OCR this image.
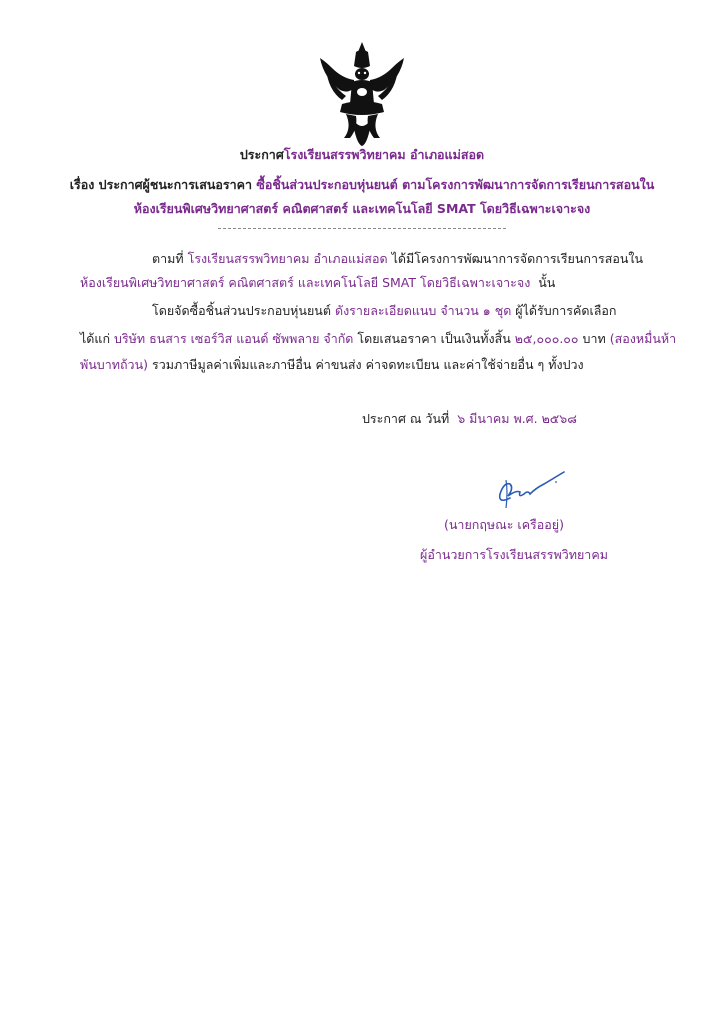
ประกาศโรงเรียนสรรพวิทยาคม อำเภอแม่สอด
เรื่อง ประกาศผู้ชนะการเสนอราคา ซื้อชิ้นส่วนประกอบหุ่นยนต์ ตามโครงการพัฒนาการจัดการเรียนการสอนใน
ห้องเรียนพิเศษวิทยาศาสตร์ คณิตศาสตร์ และเทคโนโลยี SMAT โดยวิธีเฉพาะเจาะจง
ตามที่ โรงเรียนสรรพวิทยาคม อำเภอแม่สอด ได้มีโครงการพัฒนาการจัดการเรียนการสอนใน
ห้องเรียนพิเศษวิทยาศาสตร์ คณิตศาสตร์ และเทคโนโลยี SMAT โดยวิธีเฉพาะเจาะจง นั้น
โดยจัดซื้อชิ้นส่วนประกอบหุ่นยนต์ ดังรายละเอียดแนบ จำนวน ๑ ชุด ผู้ได้รับการคัดเลือก
ได้แก่ บริษัท ธนสาร เซอร์วิส แอนด์ ซัพพลาย จำกัด โดยเสนอราคา เป็นเงินทั้งสิ้น ๒๕,๐๐๐.๐๐ บาท (สองหมื่นห้า
พันบาทถ้วน) รวมภาษีมูลค่าเพิ่มและภาษีอื่น ค่าขนส่ง ค่าจดทะเบียน และค่าใช้จ่ายอื่น ๆ ทั้งปวง
ประกาศ ณ วันที่ ๖ มีนาคม พ.ศ. ๒๕๖๘
(นายกฤษณะ เครืออยู่)
ผู้อำนวยการโรงเรียนสรรพวิทยาคม
